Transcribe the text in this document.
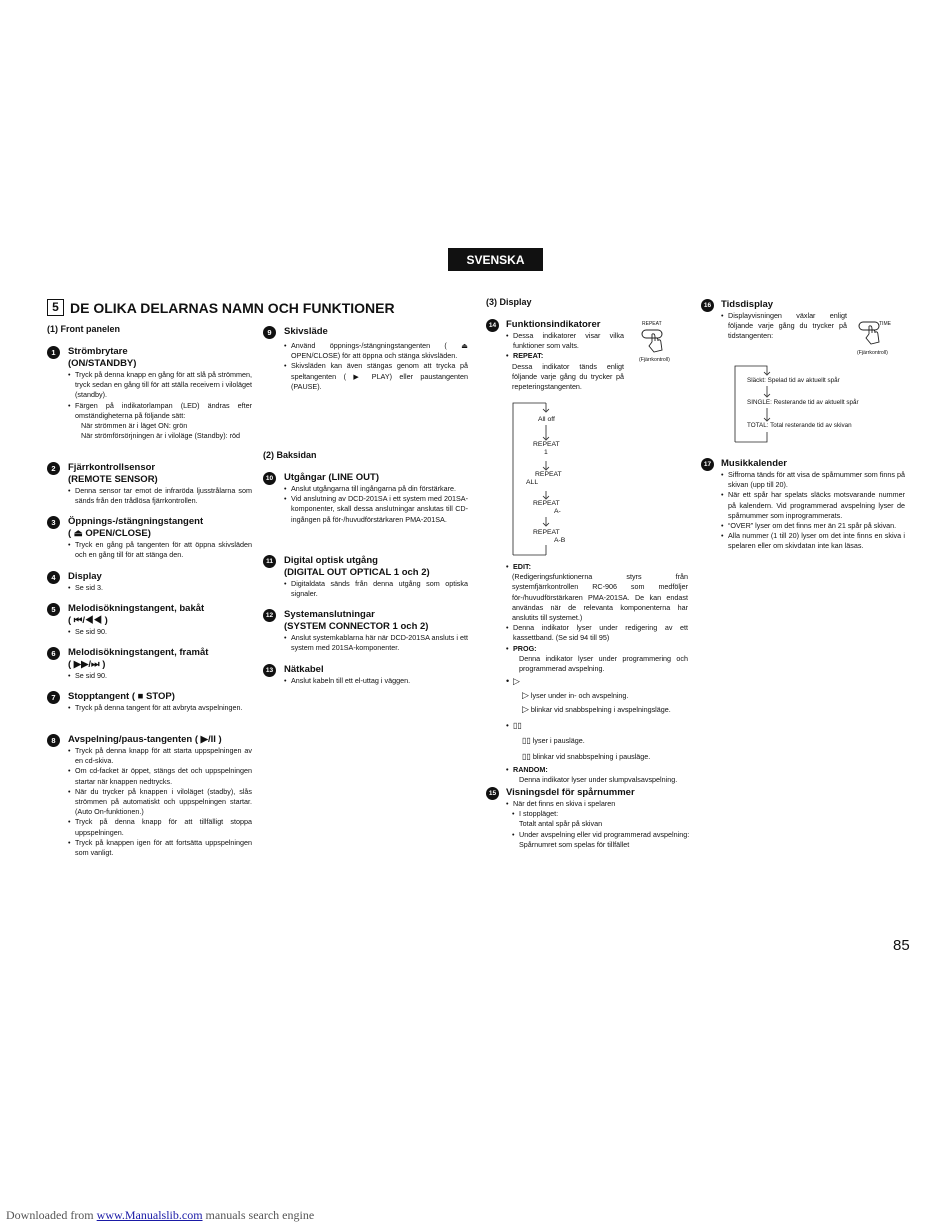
SVENSKA
5 DE OLIKA DELARNAS NAMN OCH FUNKTIONER
(1) Front panelen
1	Strömbrytare
(ON/STANDBY)
• Tryck på denna knapp en gång för att slå på strömmen, tryck sedan en gång till för att ställa receivern i viloläget (standby).
• Färgen på indikatorlampan (LED) ändras efter omständigheterna på följande sätt:
När strömmen är i läget ON: grön
När strömförsörjningen är i viloläge (Standby): röd
2	Fjärrkontrollsensor
(REMOTE SENSOR)
• Denna sensor tar emot de infraröda ljusstrålarna som sänds från den trådlösa fjärrkontrollen.
3	Öppnings-/stängningstangent
( ⏏ OPEN/CLOSE)
• Tryck en gång på tangenten för att öppna skivsläden och en gång till för att stänga den.
4	Display
• Se sid 3.
5	Melodisökningstangent, bakåt
( ⏮/◀◀ )
• Se sid 90.
6	Melodisökningstangent, framåt
( ▶▶/⏭ )
• Se sid 90.
7	Stopptangent ( ■ STOP)
• Tryck på denna tangent för att avbryta avspelningen.
8	Avspelning/paus-tangenten ( ▶/II )
• Tryck på denna knapp för att starta uppspelningen av en cd-skiva.
• Om cd-facket är öppet, stängs det och uppspelningen startar när knappen nedtrycks.
• När du trycker på knappen i viloläget (stadby), slås strömmen på automatiskt och uppspelningen startar. (Auto On-funktionen.)
• Tryck på denna knapp för att tillfälligt stoppa uppspelningen.
• Tryck på knappen igen för att fortsätta uppspelningen som vanligt.
9	Skivsläde
• Använd öppnings-/stängningstangenten ( ⏏ OPEN/CLOSE) för att öppna och stänga skivsläden.
• Skivsläden kan även stängas genom att trycka på speltangenten ( ▶ PLAY) eller paustangenten (PAUSE).
(2) Baksidan
10	Utgångar (LINE OUT)
• Anslut utgångarna till ingångarna på din förstärkare.
• Vid anslutning av DCD-201SA i ett system med 201SA-komponenter, skall dessa anslutningar anslutas till CD-ingången på för-/huvudförstärkaren PMA-201SA.
11	Digital optisk utgång
(DIGITAL OUT OPTICAL 1 och 2)
• Digitaldata sänds från denna utgång som optiska signaler.
12	Systemanslutningar
(SYSTEM CONNECTOR 1 och 2)
• Anslut systemkablarna här när DCD-201SA ansluts i ett system med 201SA-komponenter.
13	Nätkabel
• Anslut kabeln till ett el-uttag i väggen.
(3) Display
14	Funktionsindikatorer
• Dessa indikatorer visar vilka funktioner som valts.
• REPEAT:
Dessa indikator tänds enligt följande varje gång du trycker på repeteringstangenten.
REPEAT
(Fjärrkontroll)
All off
REPEAT
1
REPEAT
ALL
REPEAT
A-
REPEAT
A-B
• EDIT:
(Redigeringsfunktionerna styrs från systemfjärrkontrollen RC-906 som medföljer för-/huvudförstärkaren PMA-201SA. De kan endast användas när de relevanta komponenterna har anslutits till systemet.)
• Denna indikator lyser under redigering av ett kassettband. (Se sid 94 till 95)
• PROG:
Denna indikator lyser under programmering och programmerad avspelning.
• ▷
▷ lyser under in- och avspelning.
▷ blinkar vid snabbspelning i avspelningsläge.
• ▯▯
▯▯ lyser i pausläge.
▯▯ blinkar vid snabbspelning i pausläge.
• RANDOM:
Denna indikator lyser under slumpvalsavspelning.
15	Visningsdel för spårnummer
• När det finns en skiva i spelaren
• I stoppläget:
Totalt antal spår på skivan
• Under avspelning eller vid programmerad avspelning:
Spårnumret som spelas för tillfället
16	Tidsdisplay
• Displayvisningen växlar enligt följande varje gång du trycker på tidstangenten:
TIME
(Fjärrkontroll)
Släckt: Spelad tid av aktuellt spår
SINGLE: Resterande tid av aktuellt spår
TOTAL: Total resterande tid av skivan
17	Musikkalender
• Siffrorna tänds för att visa de spårnummer som finns på skivan (upp till 20).
• När ett spår har spelats släcks motsvarande nummer på kalendern. Vid programmerad avspelning lyser de spårnummer som inprogrammerats.
• “OVER” lyser om det finns mer än 21 spår på skivan.
• Alla nummer (1 till 20) lyser om det inte finns en skiva i spelaren eller om skivdatan inte kan läsas.
85
Downloaded from www.Manualslib.com manuals search engine
